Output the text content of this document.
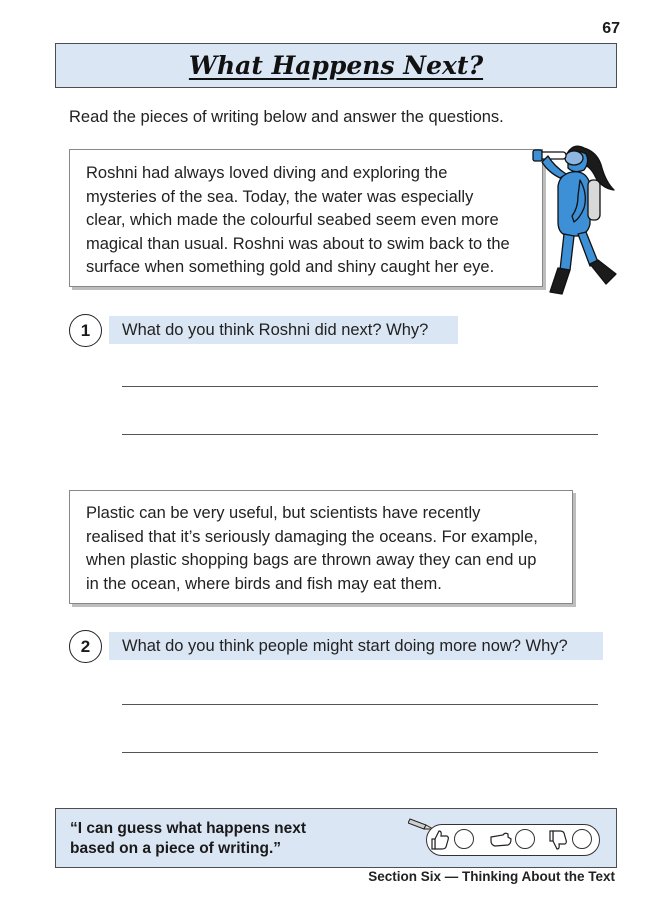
67
What Happens Next?
Read the pieces of writing below and answer the questions.
Roshni had always loved diving and exploring the
mysteries of the sea. Today, the water was especially
clear, which made the colourful seabed seem even more
magical than usual. Roshni was about to swim back to the
surface when something gold and shiny caught her eye.
1	What do you think Roshni did next? Why?
Plastic can be very useful, but scientists have recently
realised that it’s seriously damaging the oceans. For example,
when plastic shopping bags are thrown away they can end up
in the ocean, where birds and fish may eat them.
2	What do you think people might start doing more now? Why?
“I can guess what happens next
based on a piece of writing.”
Section Six — Thinking About the Text
